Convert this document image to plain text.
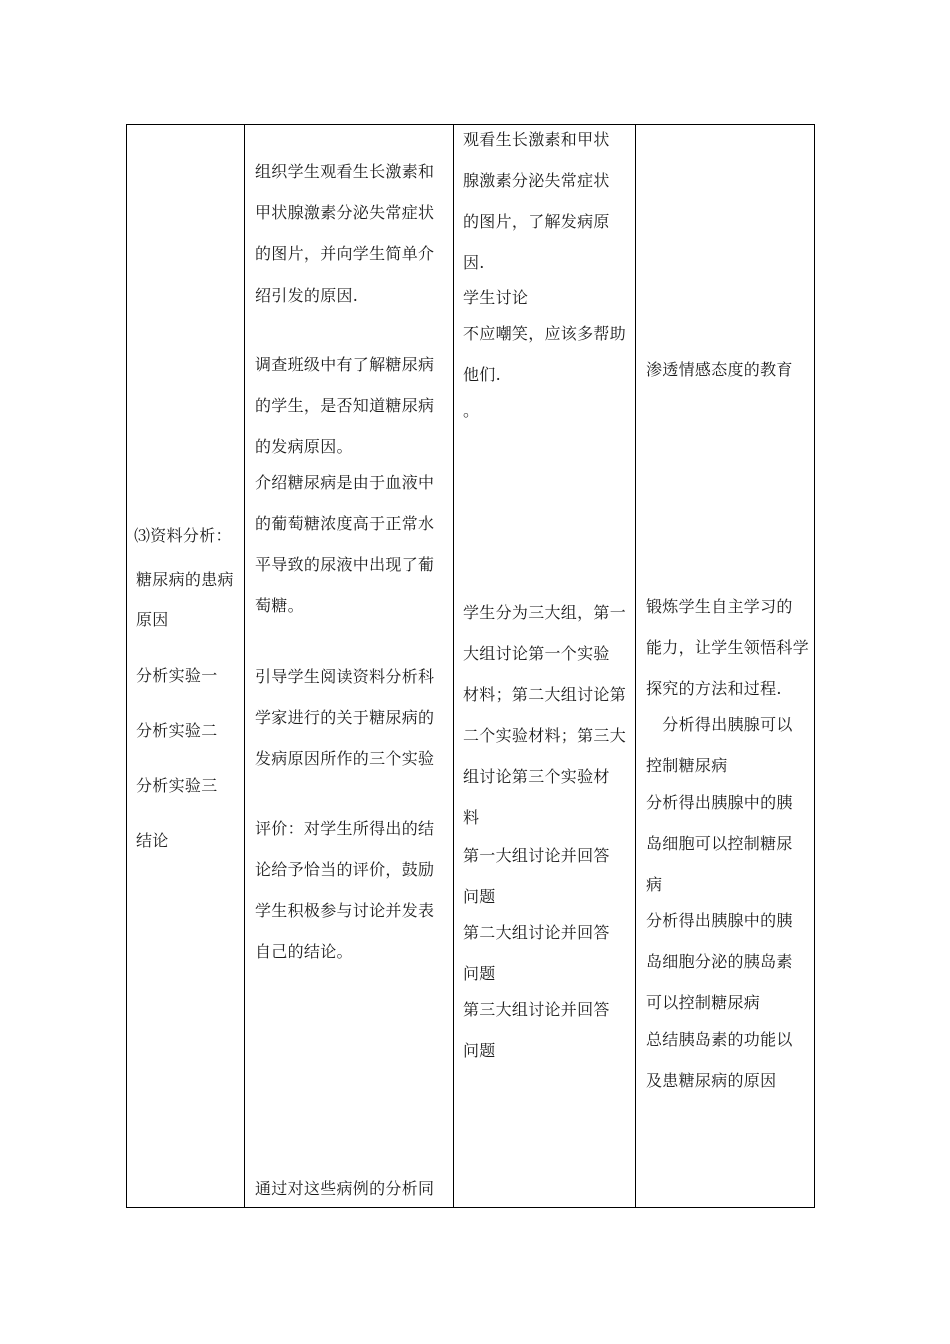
⑶资料分析：
糖尿病的患病
原因
分析实验一
分析实验二
分析实验三
结论
组织学生观看生长激素和
甲状腺激素分泌失常症状
的图片，并向学生简单介
绍引发的原因.
调查班级中有了解糖尿病
的学生，是否知道糖尿病
的发病原因。
介绍糖尿病是由于血液中
的葡萄糖浓度高于正常水
平导致的尿液中出现了葡
萄糖。
引导学生阅读资料分析科
学家进行的关于糖尿病的
发病原因所作的三个实验
评价：对学生所得出的结
论给予恰当的评价，鼓励
学生积极参与讨论并发表
自己的结论。
通过对这些病例的分析同
观看生长激素和甲状
腺激素分泌失常症状
的图片，了解发病原
因.
学生讨论
不应嘲笑，应该多帮助
他们.
。
学生分为三大组，第一
大组讨论第一个实验
材料；第二大组讨论第
二个实验材料；第三大
组讨论第三个实验材
料
第一大组讨论并回答
问题
第二大组讨论并回答
问题
第三大组讨论并回答
问题
渗透情感态度的教育
锻炼学生自主学习的
能力，让学生领悟科学
探究的方法和过程.
　分析得出胰腺可以
控制糖尿病
分析得出胰腺中的胰
岛细胞可以控制糖尿
病
分析得出胰腺中的胰
岛细胞分泌的胰岛素
可以控制糖尿病
总结胰岛素的功能以
及患糖尿病的原因
